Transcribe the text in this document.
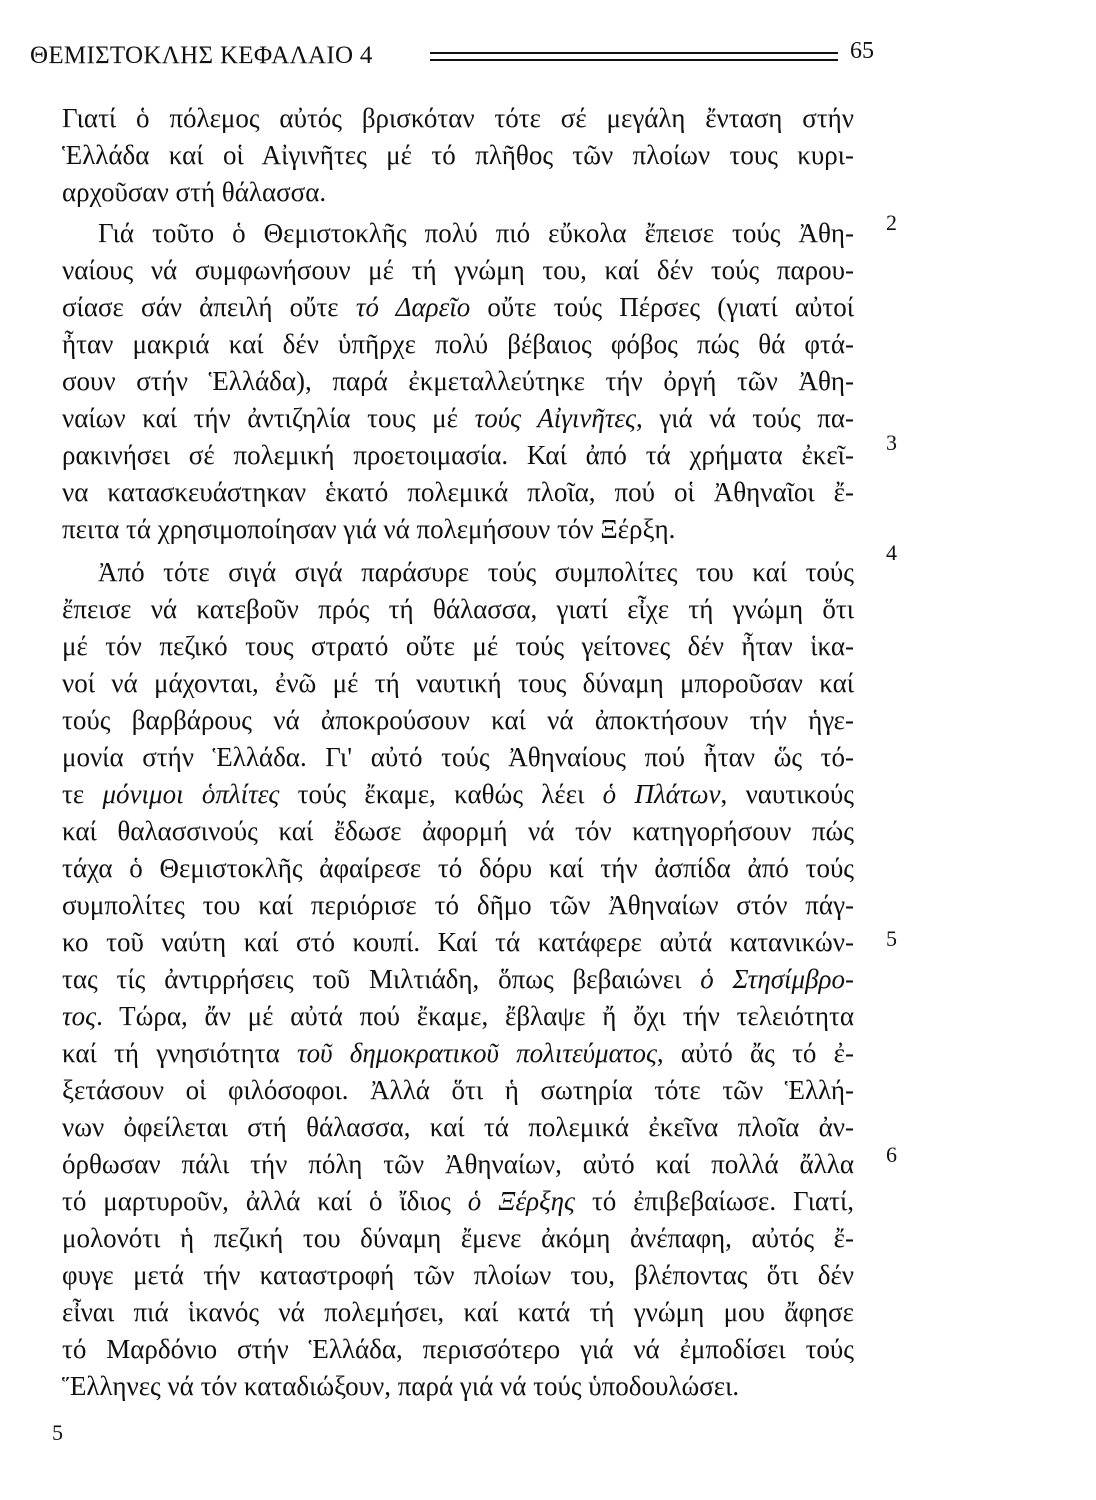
ΘΕΜΙΣΤΟΚΛΗΣ ΚΕΦΑΛΑΙΟ 4	65
Γιατί ὁ πόλεμος αὐτός βρισκόταν τότε σέ μεγάλη ἔνταση στήν
Ἑλλάδα καί οἱ Αἰγινῆτες μέ τό πλῆθος τῶν πλοίων τους κυρι-
αρχοῦσαν στή θάλασσα.
Γιά τοῦτο ὁ Θεμιστοκλῆς πολύ πιό εὔκολα ἔπεισε τούς Ἀθη-
ναίους νά συμφωνήσουν μέ τή γνώμη του, καί δέν τούς παρου-
σίασε σάν ἀπειλή οὔτε τό Δαρεῖο οὔτε τούς Πέρσες (γιατί αὐτοί
ἦταν μακριά καί δέν ὑπῆρχε πολύ βέβαιος φόβος πώς θά φτά-
σουν στήν Ἑλλάδα), παρά ἐκμεταλλεύτηκε τήν ὀργή τῶν Ἀθη-
ναίων καί τήν ἀντιζηλία τους μέ τούς Αἰγινῆτες, γιά νά τούς πα-
ρακινήσει σέ πολεμική προετοιμασία. Καί ἀπό τά χρήματα ἐκεῖ-
να κατασκευάστηκαν ἑκατό πολεμικά πλοῖα, πού οἱ Ἀθηναῖοι ἔ-
πειτα τά χρησιμοποίησαν γιά νά πολεμήσουν τόν Ξέρξη.
Ἀπό τότε σιγά σιγά παράσυρε τούς συμπολίτες του καί τούς
ἔπεισε νά κατεβοῦν πρός τή θάλασσα, γιατί εἶχε τή γνώμη ὅτι
μέ τόν πεζικό τους στρατό οὔτε μέ τούς γείτονες δέν ἦταν ἱκα-
νοί νά μάχονται, ἐνῶ μέ τή ναυτική τους δύναμη μποροῦσαν καί
τούς βαρβάρους νά ἀποκρούσουν καί νά ἀποκτήσουν τήν ἡγε-
μονία στήν Ἑλλάδα. Γι' αὐτό τούς Ἀθηναίους πού ἦταν ὥς τό-
τε μόνιμοι ὁπλίτες τούς ἔκαμε, καθώς λέει ὁ Πλάτων, ναυτικούς
καί θαλασσινούς καί ἔδωσε ἀφορμή νά τόν κατηγορήσουν πώς
τάχα ὁ Θεμιστοκλῆς ἀφαίρεσε τό δόρυ καί τήν ἀσπίδα ἀπό τούς
συμπολίτες του καί περιόρισε τό δῆμο τῶν Ἀθηναίων στόν πάγ-
κο τοῦ ναύτη καί στό κουπί. Καί τά κατάφερε αὐτά κατανικών-
τας τίς ἀντιρρήσεις τοῦ Μιλτιάδη, ὅπως βεβαιώνει ὁ Στησίμβρο-
τος. Τώρα, ἄν μέ αὐτά πού ἔκαμε, ἔβλαψε ἤ ὄχι τήν τελειότητα
καί τή γνησιότητα τοῦ δημοκρατικοῦ πολιτεύματος, αὐτό ἄς τό ἐ-
ξετάσουν οἱ φιλόσοφοι. Ἀλλά ὅτι ἡ σωτηρία τότε τῶν Ἑλλή-
νων ὀφείλεται στή θάλασσα, καί τά πολεμικά ἐκεῖνα πλοῖα ἀν-
όρθωσαν πάλι τήν πόλη τῶν Ἀθηναίων, αὐτό καί πολλά ἄλλα
τό μαρτυροῦν, ἀλλά καί ὁ ἴδιος ὁ Ξέρξης τό ἐπιβεβαίωσε. Γιατί,
μολονότι ἡ πεζική του δύναμη ἔμενε ἀκόμη ἀνέπαφη, αὐτός ἔ-
φυγε μετά τήν καταστροφή τῶν πλοίων του, βλέποντας ὅτι δέν
εἶναι πιά ἱκανός νά πολεμήσει, καί κατά τή γνώμη μου ἄφησε
τό Μαρδόνιο στήν Ἑλλάδα, περισσότερο γιά νά ἐμποδίσει τούς
Ἕλληνες νά τόν καταδιώξουν, παρά γιά νά τούς ὑποδουλώσει.
2
3
4
5
6
5
